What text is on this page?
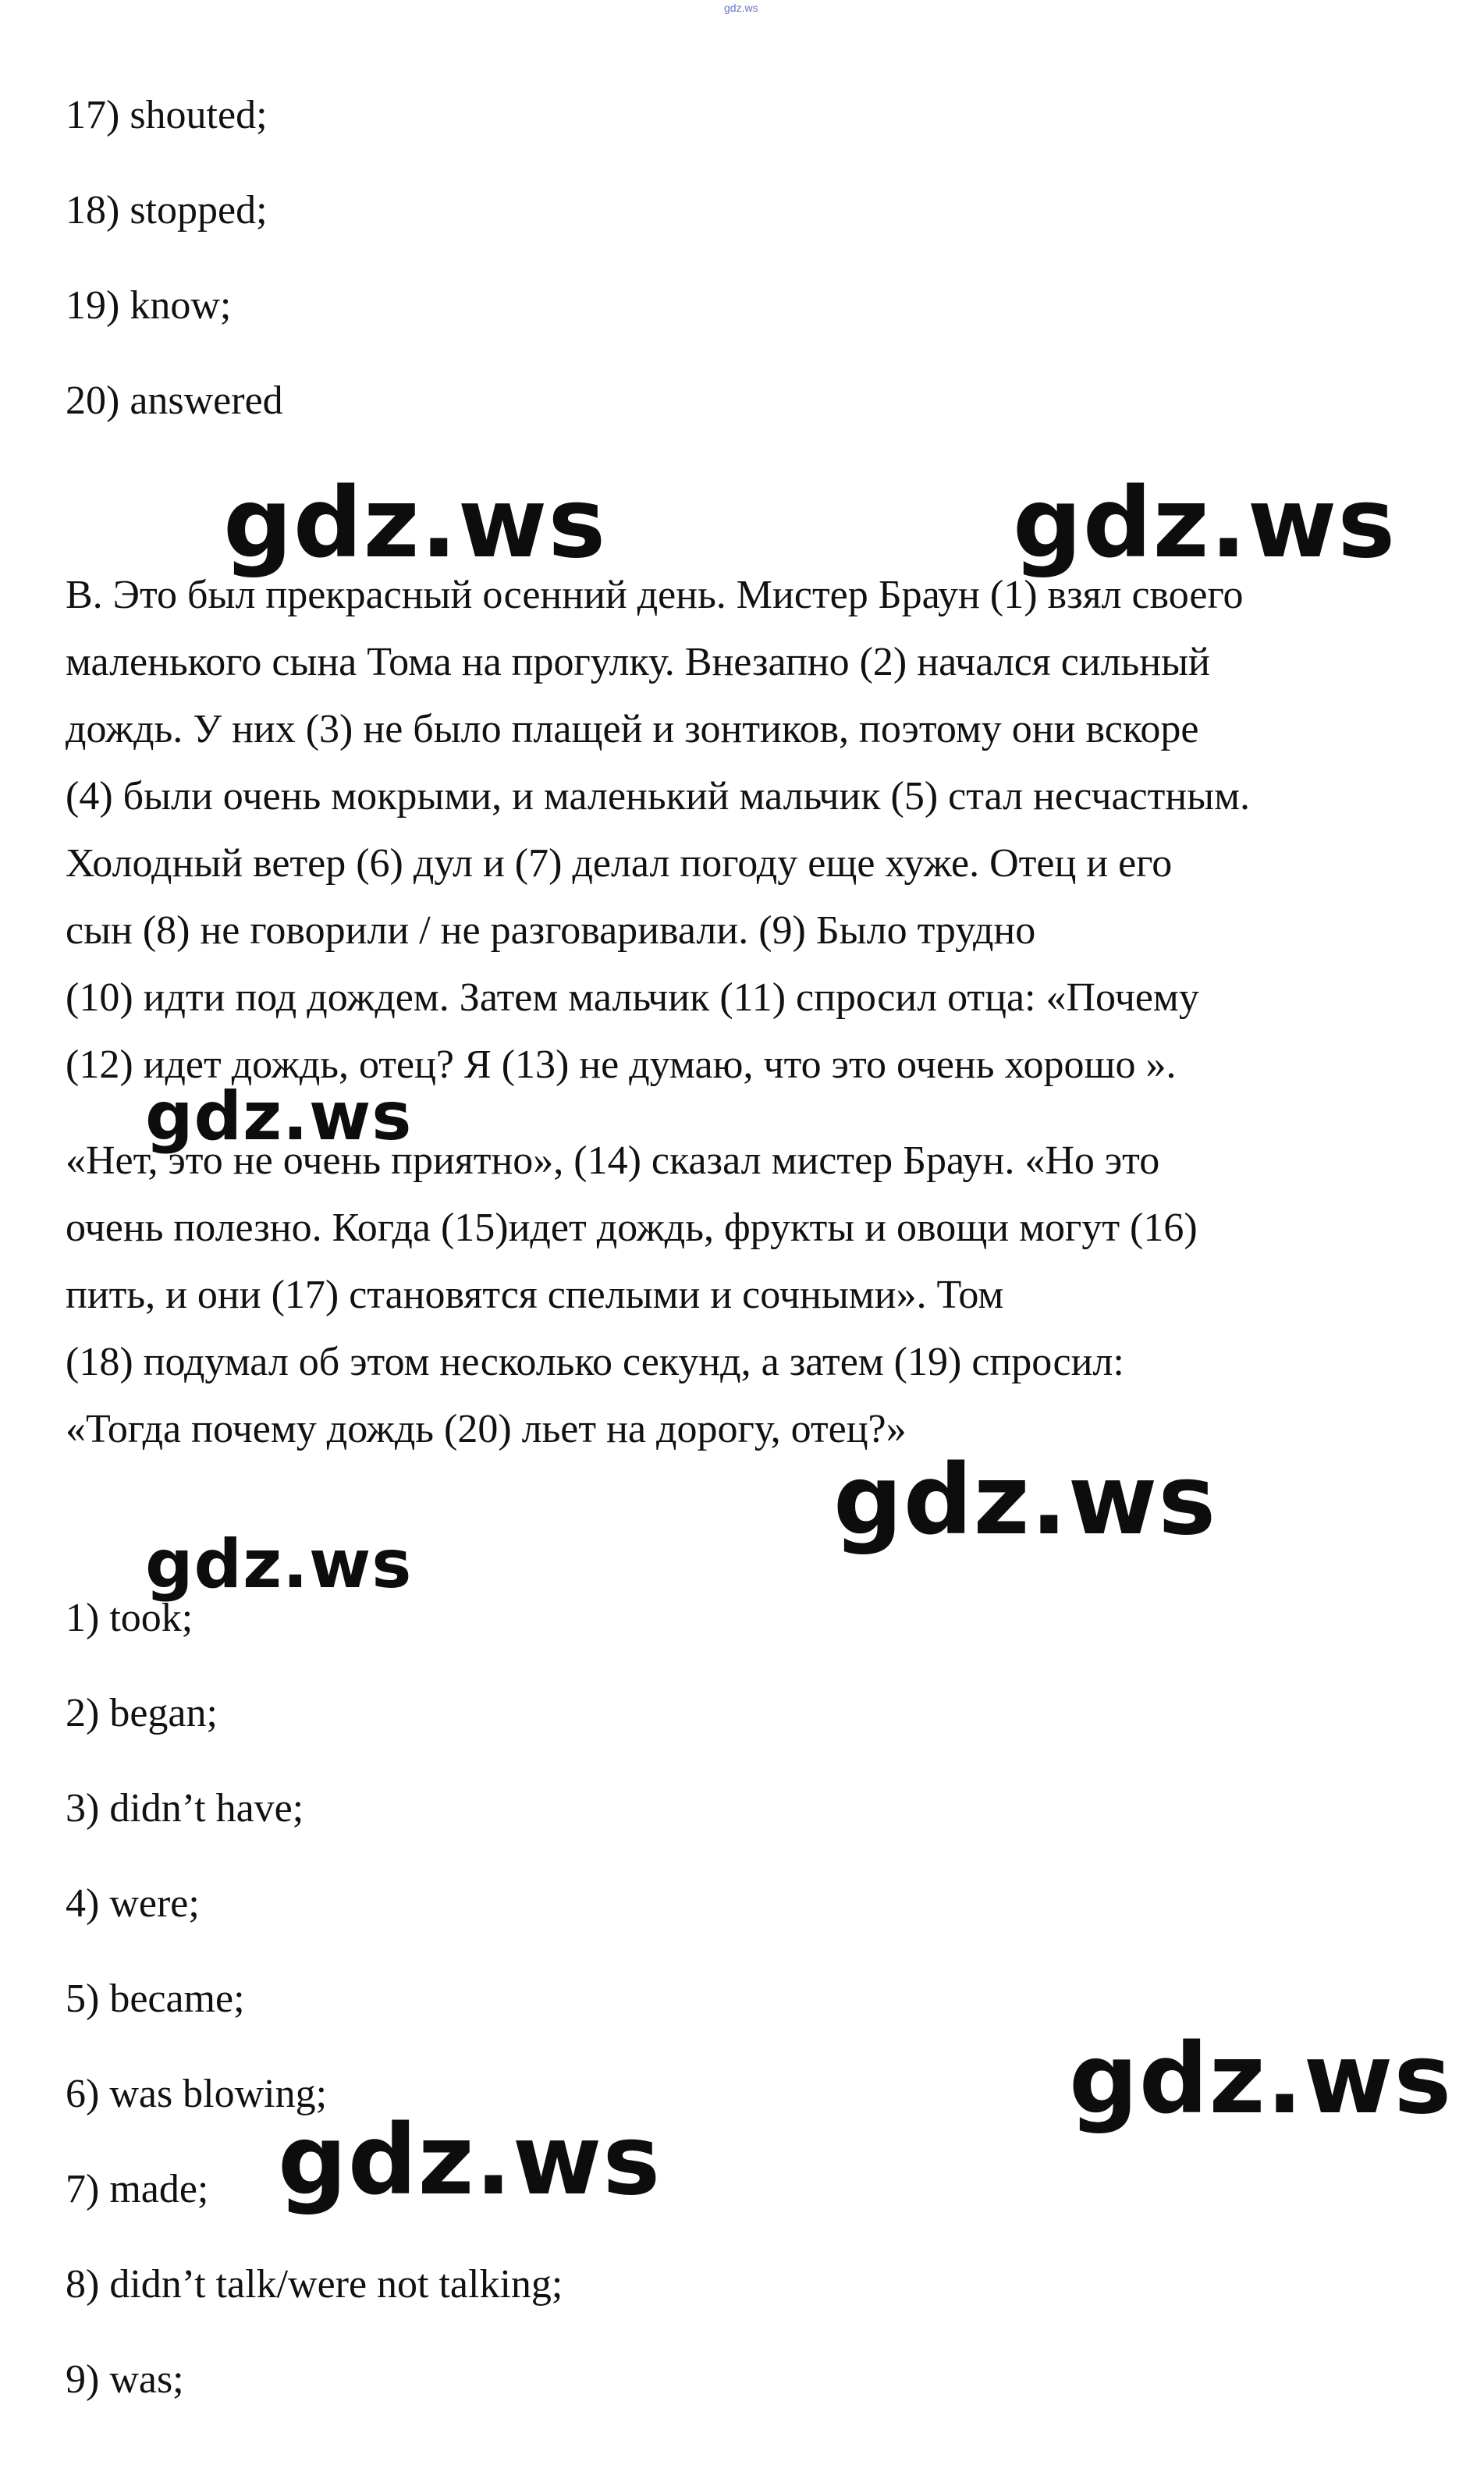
gdz.ws
17) shouted;
18) stopped;
19) know;
20) answered
gdz.ws	gdz.ws
B. Это был прекрасный осенний день. Мистер Браун (1) взял своего
маленького сына Тома на прогулку. Внезапно (2) начался сильный
дождь. У них (3) не было плащей и зонтиков, поэтому они вскоре
(4) были очень мокрыми, и маленький мальчик (5) стал несчастным.
Холодный ветер (6) дул и (7) делал погоду еще хуже. Отец и его
сын (8) не говорили / не разговаривали. (9) Было трудно
(10) идти под дождем. Затем мальчик (11) спросил отца: «Почему
(12) идет дождь, отец? Я (13) не думаю, что это очень хорошо ».
gdz.ws
«Нет, это не очень приятно», (14) сказал мистер Браун. «Но это
очень полезно. Когда (15)идет дождь, фрукты и овощи могут (16)
пить, и они (17) становятся спелыми и сочными». Том
(18) подумал об этом несколько секунд, а затем (19) спросил:
«Тогда почему дождь (20) льет на дорогу, отец?»
gdz.ws
gdz.ws
1) took;
2) began;
3) didn’t have;
4) were;
5) became;
gdz.ws
6) was blowing;
gdz.ws
7) made;
8) didn’t talk/were not talking;
9) was;
